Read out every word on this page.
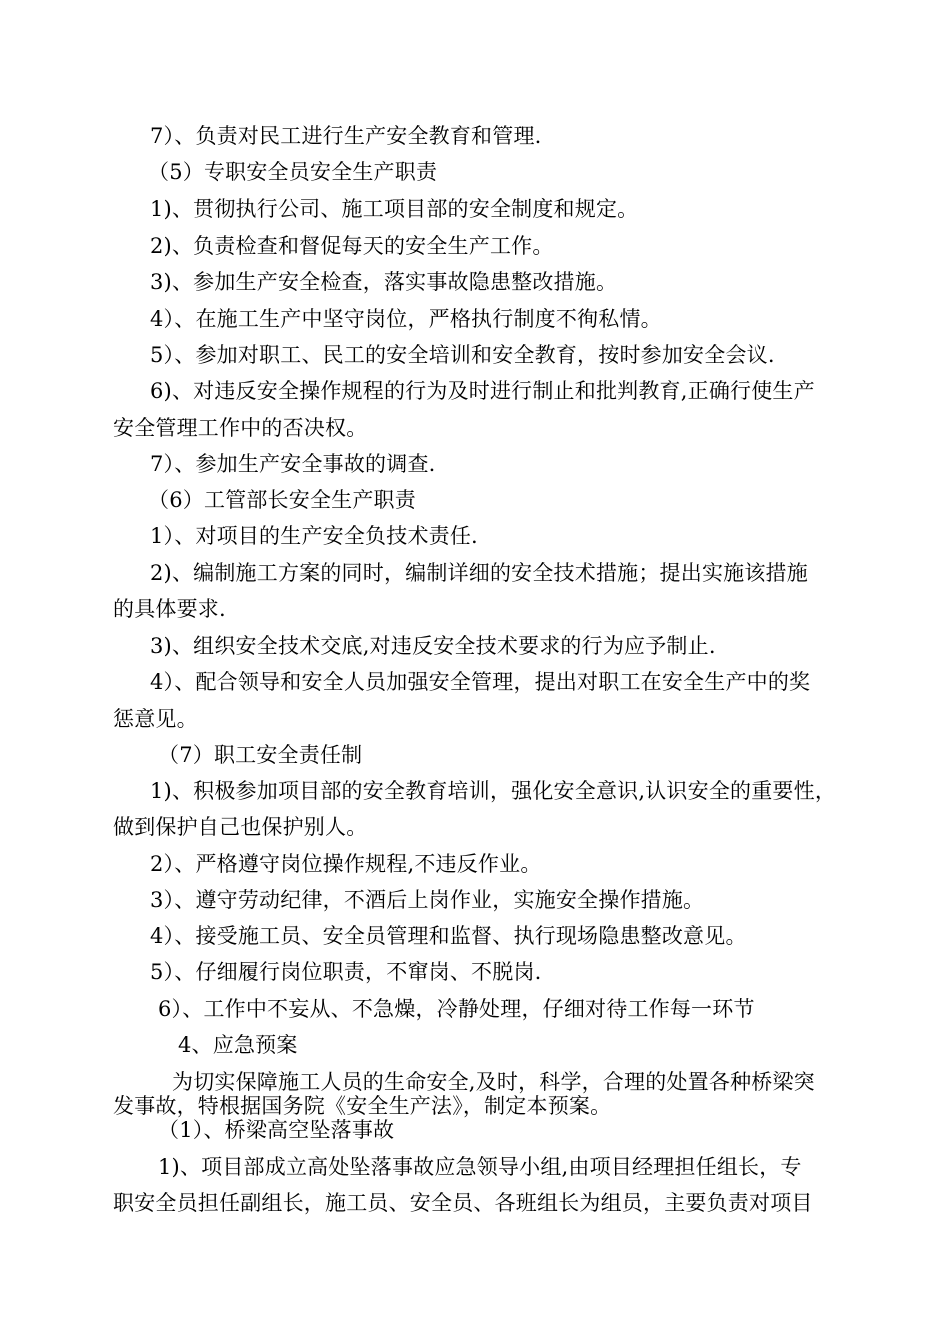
7）、负责对民工进行生产安全教育和管理.
（5）专职安全员安全生产职责
1)、贯彻执行公司、施工项目部的安全制度和规定。
2)、负责检查和督促每天的安全生产工作。
3)、参加生产安全检查，落实事故隐患整改措施。
4）、在施工生产中坚守岗位，严格执行制度不徇私情。
5）、参加对职工、民工的安全培训和安全教育，按时参加安全会议.
6)、对违反安全操作规程的行为及时进行制止和批判教育,正确行使生产
安全管理工作中的否决权。
7）、参加生产安全事故的调查.
（6）工管部长安全生产职责
1）、对项目的生产安全负技术责任.
2)、编制施工方案的同时，编制详细的安全技术措施；提出实施该措施
的具体要求.
3)、组织安全技术交底,对违反安全技术要求的行为应予制止.
4）、配合领导和安全人员加强安全管理，提出对职工在安全生产中的奖
惩意见。
（7）职工安全责任制
1)、积极参加项目部的安全教育培训，强化安全意识,认识安全的重要性，
做到保护自己也保护别人。
2）、严格遵守岗位操作规程,不违反作业。
3）、遵守劳动纪律，不酒后上岗作业，实施安全操作措施。
4）、接受施工员、安全员管理和监督、执行现场隐患整改意见。
5）、仔细履行岗位职责，不窜岗、不脱岗.
6）、工作中不妄从、不急燥，冷静处理，仔细对待工作每一环节
4、应急预案
为切实保障施工人员的生命安全,及时，科学，合理的处置各种桥梁突
发事故，特根据国务院《安全生产法》，制定本预案。
（1）、桥梁高空坠落事故
1)、项目部成立高处坠落事故应急领导小组,由项目经理担任组长，专
职安全员担任副组长，施工员、安全员、各班组长为组员，主要负责对项目
